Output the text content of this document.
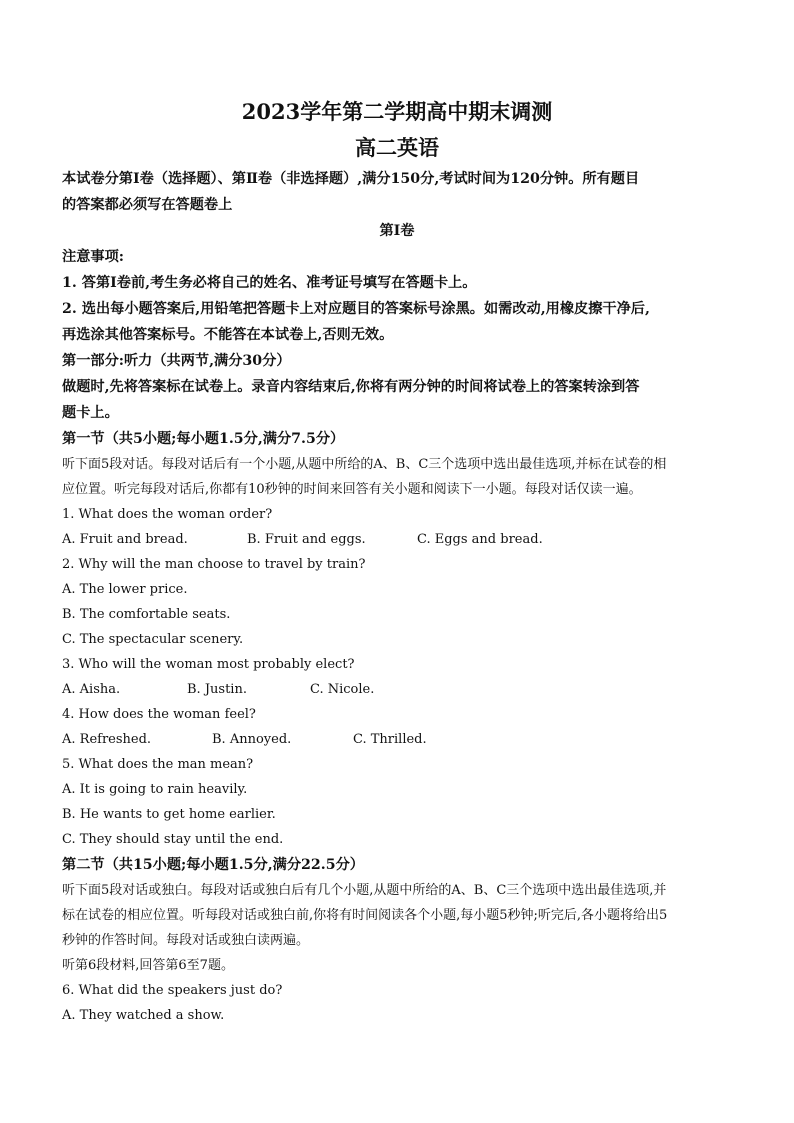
2023学年第二学期高中期末调测

高二英语

本试卷分第Ⅰ卷（选择题）、第Ⅱ卷（非选择题）,满分150分,考试时间为120分钟。所有题目

的答案都必须写在答题卷上

第Ⅰ卷

注意事项:

1. 答第Ⅰ卷前,考生务必将自己的姓名、准考证号填写在答题卡上。

2. 选出每小题答案后,用铅笔把答题卡上对应题目的答案标号涂黑。如需改动,用橡皮擦干净后,

再选涂其他答案标号。不能答在本试卷上,否则无效。

第一部分:听力（共两节,满分30分）

做题时,先将答案标在试卷上。录音内容结束后,你将有两分钟的时间将试卷上的答案转涂到答

题卡上。

第一节（共5小题;每小题1.5分,满分7.5分）

听下面5段对话。每段对话后有一个小题,从题中所给的A、B、C三个选项中选出最佳选项,并标在试卷的相

应位置。听完每段对话后,你都有10秒钟的时间来回答有关小题和阅读下一小题。每段对话仅读一遍。

1. What does the woman order?

A. Fruit and bread.	B. Fruit and eggs.	C. Eggs and bread.

2. Why will the man choose to travel by train?

A. The lower price.

B. The comfortable seats.

C. The spectacular scenery.

3. Who will the woman most probably elect?

A. Aisha.	B. Justin.	C. Nicole.

4. How does the woman feel?

A. Refreshed.	B. Annoyed.	C. Thrilled.

5. What does the man mean?

A. It is going to rain heavily.

B. He wants to get home earlier.

C. They should stay until the end.

第二节（共15小题;每小题1.5分,满分22.5分）

听下面5段对话或独白。每段对话或独白后有几个小题,从题中所给的A、B、C三个选项中选出最佳选项,并

标在试卷的相应位置。听每段对话或独白前,你将有时间阅读各个小题,每小题5秒钟;听完后,各小题将给出5

秒钟的作答时间。每段对话或独白读两遍。

听第6段材料,回答第6至7题。

6. What did the speakers just do?

A. They watched a show.
